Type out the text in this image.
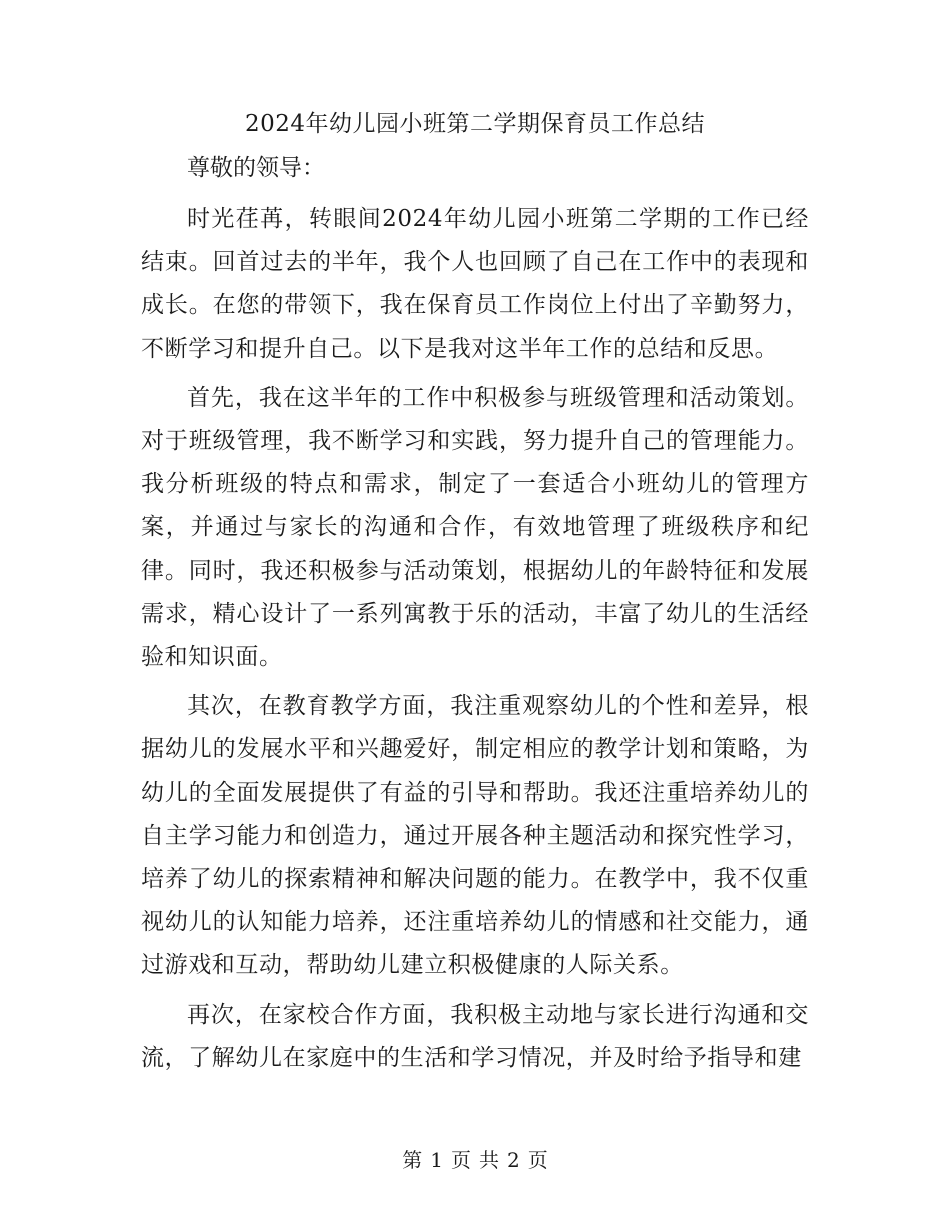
2024年幼儿园小班第二学期保育员工作总结

尊敬的领导：

时光荏苒，转眼间2024年幼儿园小班第二学期的工作已经结束。回首过去的半年，我个人也回顾了自己在工作中的表现和成长。在您的带领下，我在保育员工作岗位上付出了辛勤努力，不断学习和提升自己。以下是我对这半年工作的总结和反思。

首先，我在这半年的工作中积极参与班级管理和活动策划。对于班级管理，我不断学习和实践，努力提升自己的管理能力。我分析班级的特点和需求，制定了一套适合小班幼儿的管理方案，并通过与家长的沟通和合作，有效地管理了班级秩序和纪律。同时，我还积极参与活动策划，根据幼儿的年龄特征和发展需求，精心设计了一系列寓教于乐的活动，丰富了幼儿的生活经验和知识面。

其次，在教育教学方面，我注重观察幼儿的个性和差异，根据幼儿的发展水平和兴趣爱好，制定相应的教学计划和策略，为幼儿的全面发展提供了有益的引导和帮助。我还注重培养幼儿的自主学习能力和创造力，通过开展各种主题活动和探究性学习，培养了幼儿的探索精神和解决问题的能力。在教学中，我不仅重视幼儿的认知能力培养，还注重培养幼儿的情感和社交能力，通过游戏和互动，帮助幼儿建立积极健康的人际关系。

再次，在家校合作方面，我积极主动地与家长进行沟通和交流，了解幼儿在家庭中的生活和学习情况，并及时给予指导和建

第 1 页 共 2 页
